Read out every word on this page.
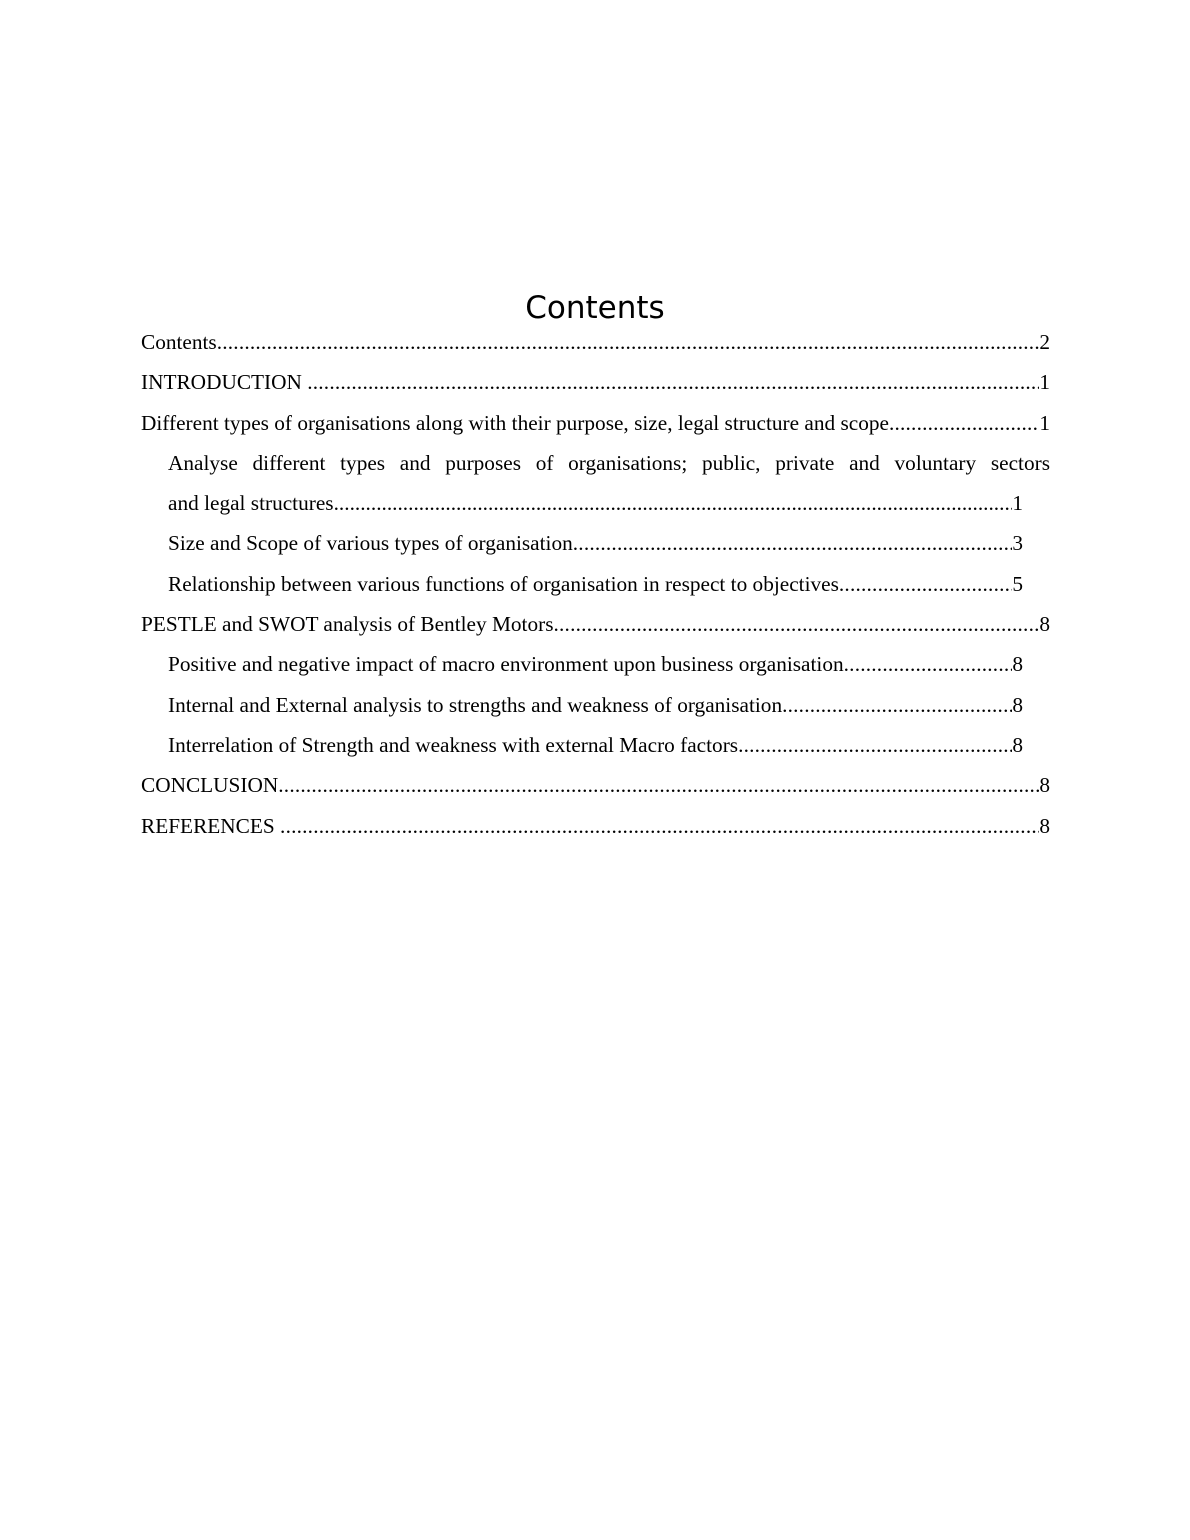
Contents
Contents .....	2
INTRODUCTION .....	1
Different types of organisations along with their purpose, size, legal structure and scope .....	1
Analyse different types and purposes of organisations; public, private and voluntary sectors
and legal structures .....	1
Size and Scope of various types of organisation .....	3
Relationship between various functions of organisation in respect to objectives .....	5
PESTLE and SWOT analysis of Bentley Motors .....	8
Positive and negative impact of macro environment upon business organisation .....	8
Internal and External analysis to strengths and weakness of organisation .....	8
Interrelation of Strength and weakness with external Macro factors .....	8
CONCLUSION .....	8
REFERENCES .....	8
